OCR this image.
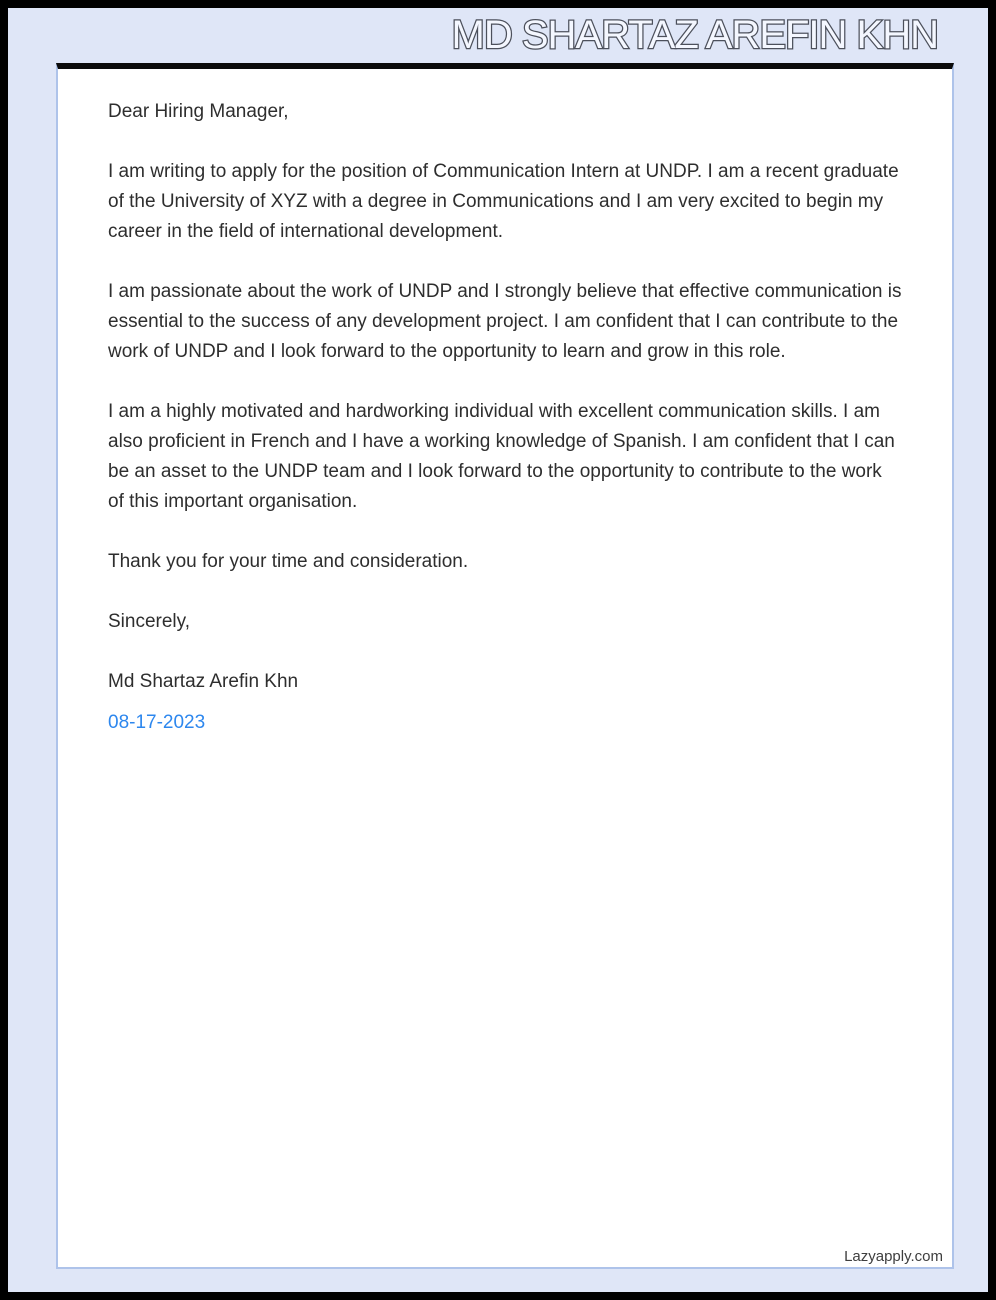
MD SHARTAZ AREFIN KHN

Dear Hiring Manager,

I am writing to apply for the position of Communication Intern at UNDP. I am a recent graduate of the University of XYZ with a degree in Communications and I am very excited to begin my career in the field of international development.

I am passionate about the work of UNDP and I strongly believe that effective communication is essential to the success of any development project. I am confident that I can contribute to the work of UNDP and I look forward to the opportunity to learn and grow in this role.

I am a highly motivated and hardworking individual with excellent communication skills. I am also proficient in French and I have a working knowledge of Spanish. I am confident that I can be an asset to the UNDP team and I look forward to the opportunity to contribute to the work of this important organisation.

Thank you for your time and consideration.

Sincerely,

Md Shartaz Arefin Khn

08-17-2023

Lazyapply.com
